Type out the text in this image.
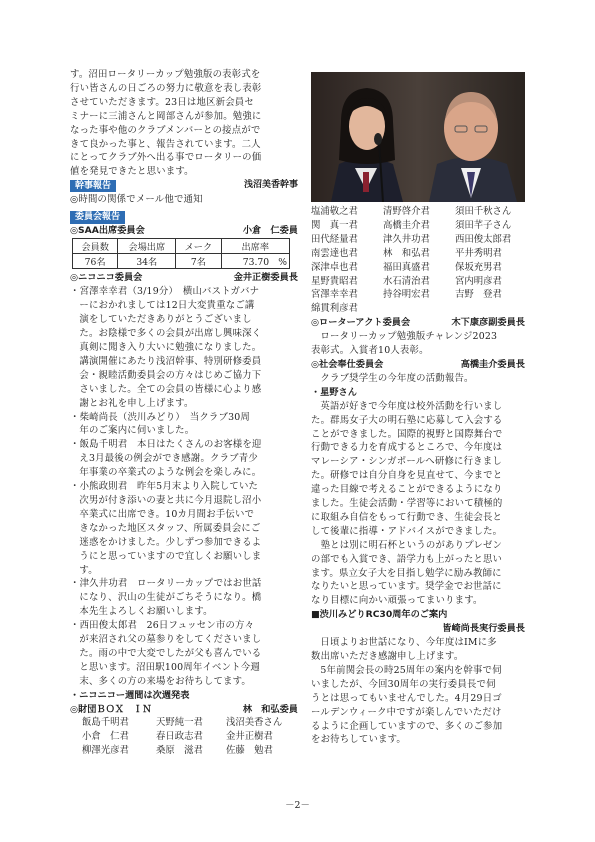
す。沼田ロータリーカップ勉強版の表彰式を
行い皆さんの日ごろの努力に敬意を表し表彰
させていただきます。23日は地区新会員セ
ミナーに三浦さんと岡部さんが参加。勉強に
なった事や他のクラブメンバーとの接点がで
きて良かった事と、報告されています。二人
にとってクラブ外へ出る事でロータリーの価
値を発見できたと思います。
幹事報告	浅沼美香幹事
◎時間の関係でメール他で通知
委員会報告
◎SAA出席委員会	小倉　仁委員
会員数	会場出席	メーク	出席率
76名	34名	7名	73.70　%
◎ニコニコ委員会	金井正樹委員長
・宮澤幸幸君（3/19分）　横山バストガバナ
ーにおかれましては12日大変貴重なご講
演をしていただきありがとうございまし
た。お陰様で多くの会員が出席し興味深く
真剣に聞き入り大いに勉強になりました。
講演開催にあたり浅沼幹事、特別研修委員
会・親睦活動委員会の方々はじめご協力下
さいました。全ての会員の皆様に心より感
謝とお礼を申し上げます。
・柴崎尚長（渋川みどり）　当クラブ30周
年のご案内に伺いました。
・飯島千明君　本日はたくさんのお客様を迎
え3月最後の例会ができ感謝。クラブ青少
年事業の卒業式のような例会を楽しみに。
・小熊政則君　昨年5月末より入院していた
次男が付き添いの妻と共に今月退院し沼小
卒業式に出席でき。10カ月間お手伝いで
きなかった地区スタッフ、所属委員会にご
迷惑をかけました。少しずつ参加できるよ
うにと思っていますので宜しくお願いしま
す。
・津久井功君　ロータリーカップではお世話
になり、沢山の生徒がごちそうになり。橋
本先生よろしくお願いします。
・西田俊太郎君　26日フュッセン市の方々
が来沼され父の墓参りをしてくださいまし
た。雨の中で大変でしたが父も喜んでいる
と思います。沼田駅100周年イベント今週
末、多くの方の来場をお待ちしてます。
・ニコニコー週間は次週発表
◎財団ＢＯＸ　ＩＮ	林　和弘委員
飯島千明君	天野純一君	浅沼美香さん
小倉　仁君	春日政志君	金井正樹君
柳澤光彦君	桑原　滋君	佐藤　勉君
塩浦敬之君	清野啓介君	須田千秋さん
関　真一君	高橋圭介君	須田芊子さん
田代経量君	津久井功君	西田俊太郎君
南雲達也君	林　和弘君	平井秀明君
深津卓也君	福田真盛君	保坂充男君
星野貴昭君	水石清治君	宮内明彦君
宮澤幸幸君	持谷明宏君	吉野　登君
綿貫利彦君
◎ローターアクト委員会	木下康彦副委員長
ロータリーカップ勉強版チャレンジ2023
表彰式。入賞者10人表彰。
◎社会奉仕委員会	高橋圭介委員長
クラブ奨学生の今年度の活動報告。
・星野さん
英語が好きで今年度は校外活動を行いまし
た。群馬女子大の明石塾に応募して入会する
ことができました。国際的視野と国際舞台で
行動できる力を育成するところで、今年度は
マレーシア・シンガポールへ研修に行きまし
た。研修では自分自身を見直せて、今までと
違った目線で考えることができるようになり
ました。生徒会活動・学習等において積極的
に取組み自信をもって行動でき、生徒会長と
して後輩に指導・アドバイスができました。
　塾とは別に明石杯というのがありプレゼン
の部でも入賞でき、語学力も上がったと思い
ます。県立女子大を目指し勉学に励み教師に
なりたいと思っています。奨学金でお世話に
なり目標に向かい頑張ってまいります。
■渋川みどりRC30周年のご案内
皆崎尚長実行委員長
日頃よりお世話になり、今年度はIMに多
数出席いただき感謝申し上げます。
5年前関会長の時25周年の案内を幹事で伺
いましたが、今回30周年の実行委員長で伺
うとは思ってもいませんでした。4月29日ゴ
ールデンウィーク中ですが楽しんでいただけ
るように企画していますので、多くのご参加
をお待ちしています。
－2－
